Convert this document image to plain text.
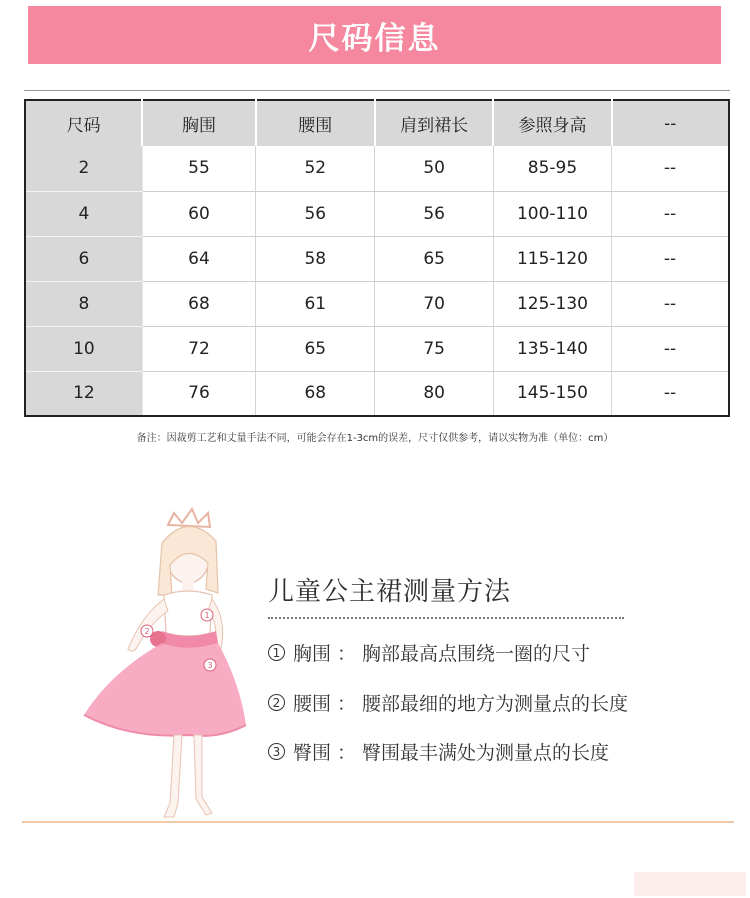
尺码信息
尺码	胸围	腰围	肩到裙长	参照身高	--
2	55	52	50	85-95	--
4	60	56	56	100-110	--
6	64	58	65	115-120	--
8	68	61	70	125-130	--
10	72	65	75	135-140	--
12	76	68	80	145-150	--
备注：因裁剪工艺和丈量手法不同，可能会存在1-3cm的误差，尺寸仅供参考，请以实物为准（单位：cm）
1
2
3
儿童公主裙测量方法
1 胸围 ： 胸部最高点围绕一圈的尺寸
2 腰围 ： 腰部最细的地方为测量点的长度
3 臀围 ： 臀围最丰满处为测量点的长度
